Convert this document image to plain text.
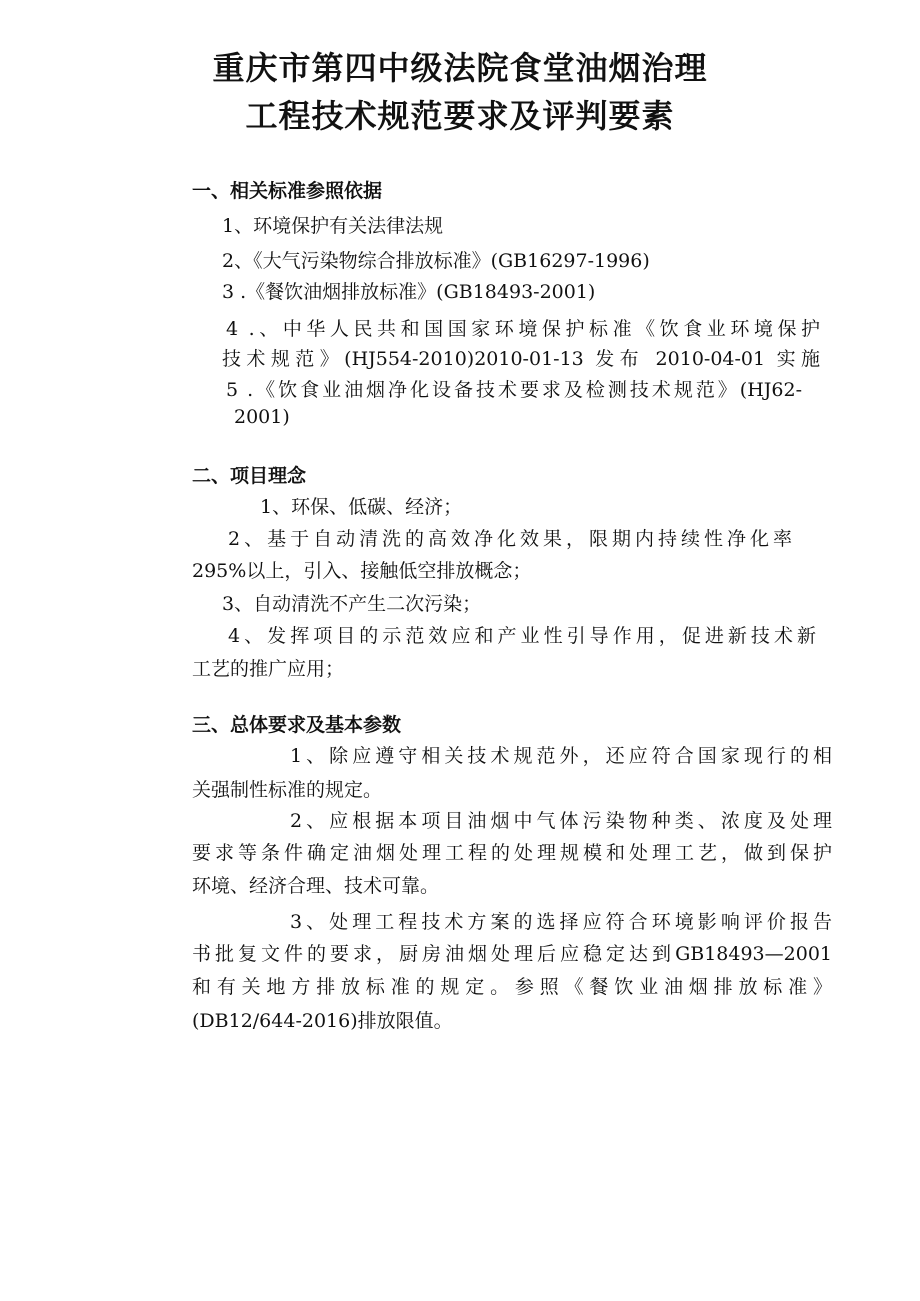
重庆市第四中级法院食堂油烟治理
工程技术规范要求及评判要素
一、相关标准参照依据
1、环境保护有关法律法规
2、《大气污染物综合排放标准》(GB16297-1996)
3 .《餐饮油烟排放标准》(GB18493-2001)
4 .、中华人民共和国国家环境保护标准《饮食业环境保护
技术规范》(HJ554-2010)2010-01-13 发布 2010-04-01 实施
5 .《饮食业油烟净化设备技术要求及检测技术规范》(HJ62-
2001)
二、项目理念
1、环保、低碳、经济；
2、基于自动清洗的高效净化效果，限期内持续性净化率
295%以上，引入、接触低空排放概念；
3、自动清洗不产生二次污染；
4、发挥项目的示范效应和产业性引导作用，促进新技术新
工艺的推广应用；
三、总体要求及基本参数
1、除应遵守相关技术规范外，还应符合国家现行的相
关强制性标准的规定。
2、应根据本项目油烟中气体污染物种类、浓度及处理
要求等条件确定油烟处理工程的处理规模和处理工艺，做到保护
环境、经济合理、技术可靠。
3、处理工程技术方案的选择应符合环境影响评价报告
书批复文件的要求，厨房油烟处理后应稳定达到GB18493—2001
和有关地方排放标准的规定。参照《餐饮业油烟排放标准》
(DB12/644-2016)排放限值。
